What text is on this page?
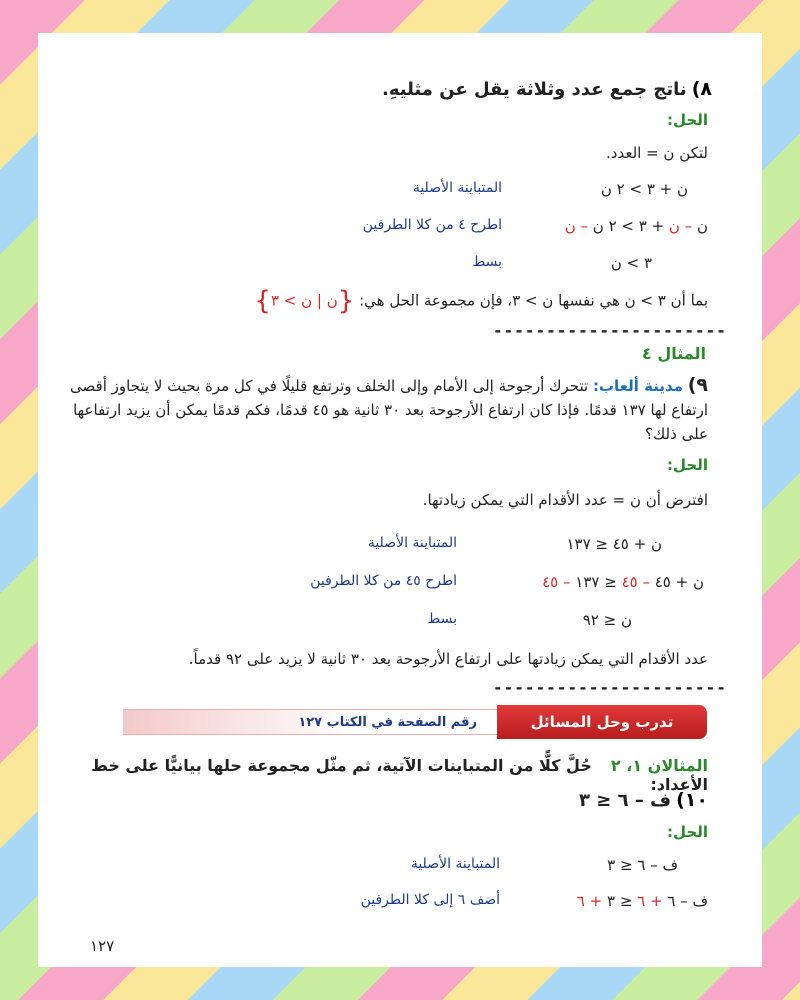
٨) ناتج جمع عدد وثلاثة يقل عن مثليهِ.
الحل:
لتكن ن = العدد.
ن + ٣ > ٢ ن
المتباينة الأصلية
ن – ن + ٣ > ٢ ن – ن
اطرح ٤ من كلا الطرفين
٣ > ن
بسط
بما أن ٣ > ن هي نفسها ن > ٣، فإن مجموعة الحل هي: {ن | ن > ٣}
----------------------
المثال ٤
٩) مدينة ألعاب: تتحرك أرجوحة إلى الأمام وإلى الخلف وترتفع قليلًا في كل مرة بحيث لا يتجاوز أقصى ارتفاع لها ١٣٧ قدمًا. فإذا كان ارتفاع الأرجوحة بعد ٣٠ ثانية هو ٤٥ قدمًا، فكم قدمًا يمكن أن يزيد ارتفاعها على ذلك؟
الحل:
افترض أن ن = عدد الأقدام التي يمكن زيادتها.
ن + ٤٥ ≤ ١٣٧
المتباينة الأصلية
ن + ٤٥ – ٤٥ ≤ ١٣٧ – ٤٥
اطرح ٤٥ من كلا الطرفين
ن ≤ ٩٢
بسط
عدد الأقدام التي يمكن زيادتها على ارتفاع الأرجوحة بعد ٣٠ ثانية لا يزيد على ٩٢ قدماً.
----------------------
رقم الصفحة في الكتاب ١٢٧	تدرب وحل المسائل
المثالان ١، ٢ حُلَّ كلًّا من المتباينات الآتية، ثم مثّل مجموعة حلها بيانيًّا على خط الأعداد:
١٠) ف – ٦ ≤ ٣
الحل:
ف – ٦ ≤ ٣
المتباينة الأصلية
ف – ٦ + ٦ ≤ ٣ + ٦
أضف ٦ إلى كلا الطرفين
١٢٧
